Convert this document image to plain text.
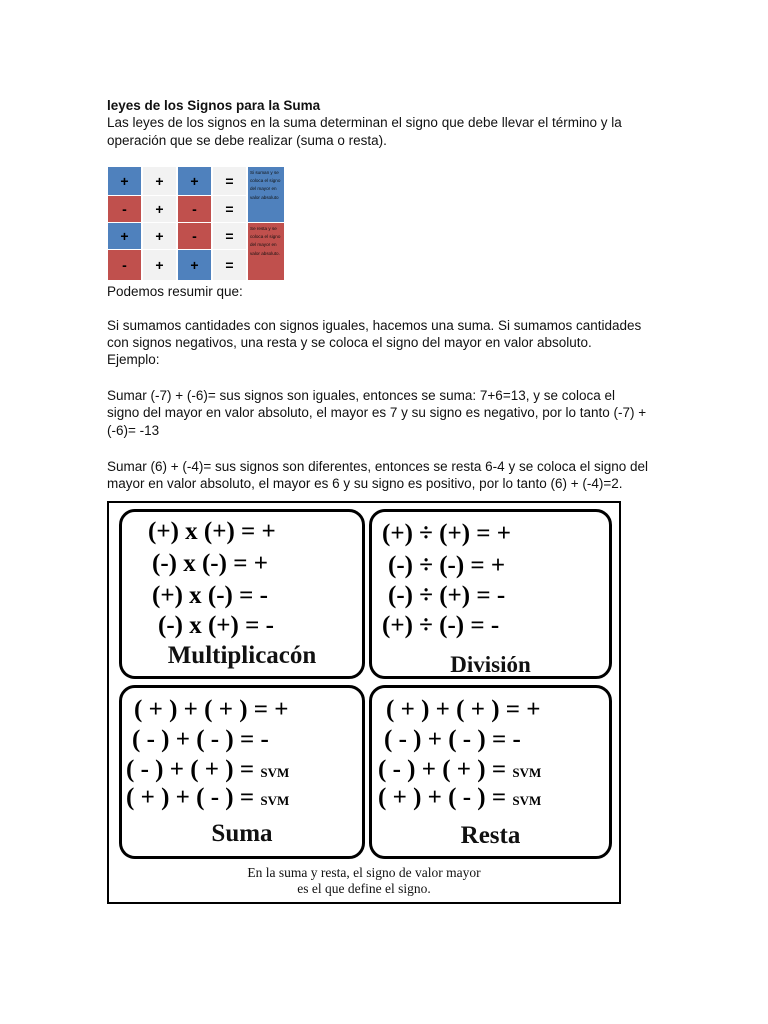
leyes de los Signos para la Suma
Las leyes de los signos en la suma determinan el signo que debe llevar el término y la
operación que se debe realizar (suma o resta).
+	+	+	=
-	+	-	=
+	+	-	=
-	+	+	=
Si suman y se coloca el signo del mayor en valor absoluto
Se resta y se coloca el signo del mayor en valor absoluto.
Podemos resumir que:
Si sumamos cantidades con signos iguales, hacemos una suma. Si sumamos cantidades
con signos negativos, una resta y se coloca el signo del mayor en valor absoluto.
Ejemplo:
Sumar (-7) + (-6)= sus signos son iguales, entonces se suma: 7+6=13, y se coloca el
signo del mayor en valor absoluto, el mayor es 7 y su signo es negativo, por lo tanto (-7) +
(-6)= -13
Sumar (6) + (-4)= sus signos son diferentes, entonces se resta 6-4 y se coloca el signo del
mayor en valor absoluto, el mayor es 6 y su signo es positivo, por lo tanto (6) + (-4)=2.
(+) x (+) = +
(-) x (-) = +
(+) x (-) = -
(-) x (+) = -
Multiplicacón
(+) ÷ (+) = +
(-) ÷ (-) = +
(-) ÷ (+) = -
(+) ÷ (-) = -
División
( + ) + ( + ) = +
( - ) + ( - ) = -
( - ) + ( + ) = SVM
( + ) + ( - ) = SVM
Suma
( + ) + ( + ) = +
( - ) + ( - ) = -
( - ) + ( + ) = SVM
( + ) + ( - ) = SVM
Resta
En la suma y resta, el signo de valor mayor
es el que define el signo.
